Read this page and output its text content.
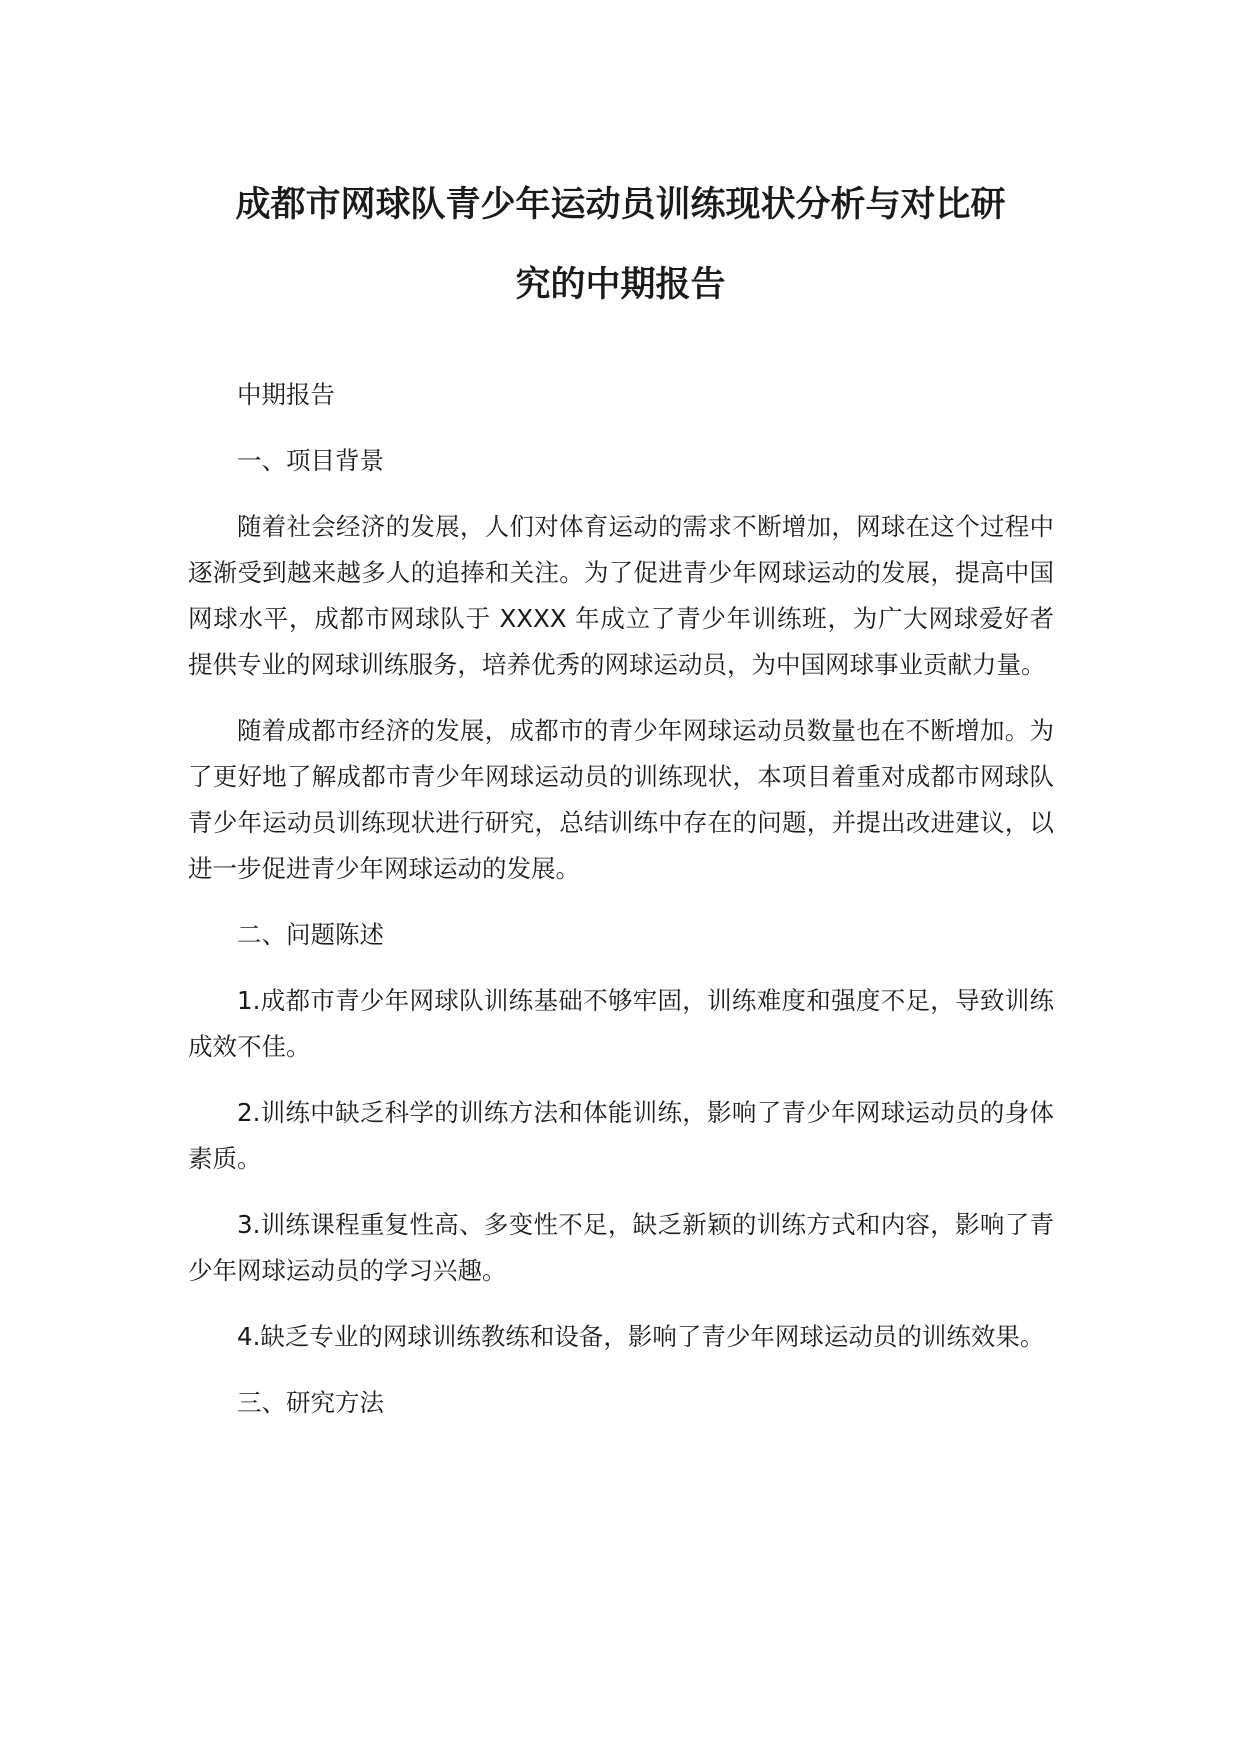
成都市网球队青少年运动员训练现状分析与对比研
究的中期报告

中期报告

一、项目背景

随着社会经济的发展，人们对体育运动的需求不断增加，网球在这个过程中逐渐受到越来越多人的追捧和关注。为了促进青少年网球运动的发展，提高中国网球水平，成都市网球队于 XXXX 年成立了青少年训练班，为广大网球爱好者提供专业的网球训练服务，培养优秀的网球运动员，为中国网球事业贡献力量。

随着成都市经济的发展，成都市的青少年网球运动员数量也在不断增加。为了更好地了解成都市青少年网球运动员的训练现状，本项目着重对成都市网球队青少年运动员训练现状进行研究，总结训练中存在的问题，并提出改进建议，以进一步促进青少年网球运动的发展。

二、问题陈述

1.成都市青少年网球队训练基础不够牢固，训练难度和强度不足，导致训练成效不佳。

2.训练中缺乏科学的训练方法和体能训练，影响了青少年网球运动员的身体素质。

3.训练课程重复性高、多变性不足，缺乏新颖的训练方式和内容，影响了青少年网球运动员的学习兴趣。

4.缺乏专业的网球训练教练和设备，影响了青少年网球运动员的训练效果。

三、研究方法
